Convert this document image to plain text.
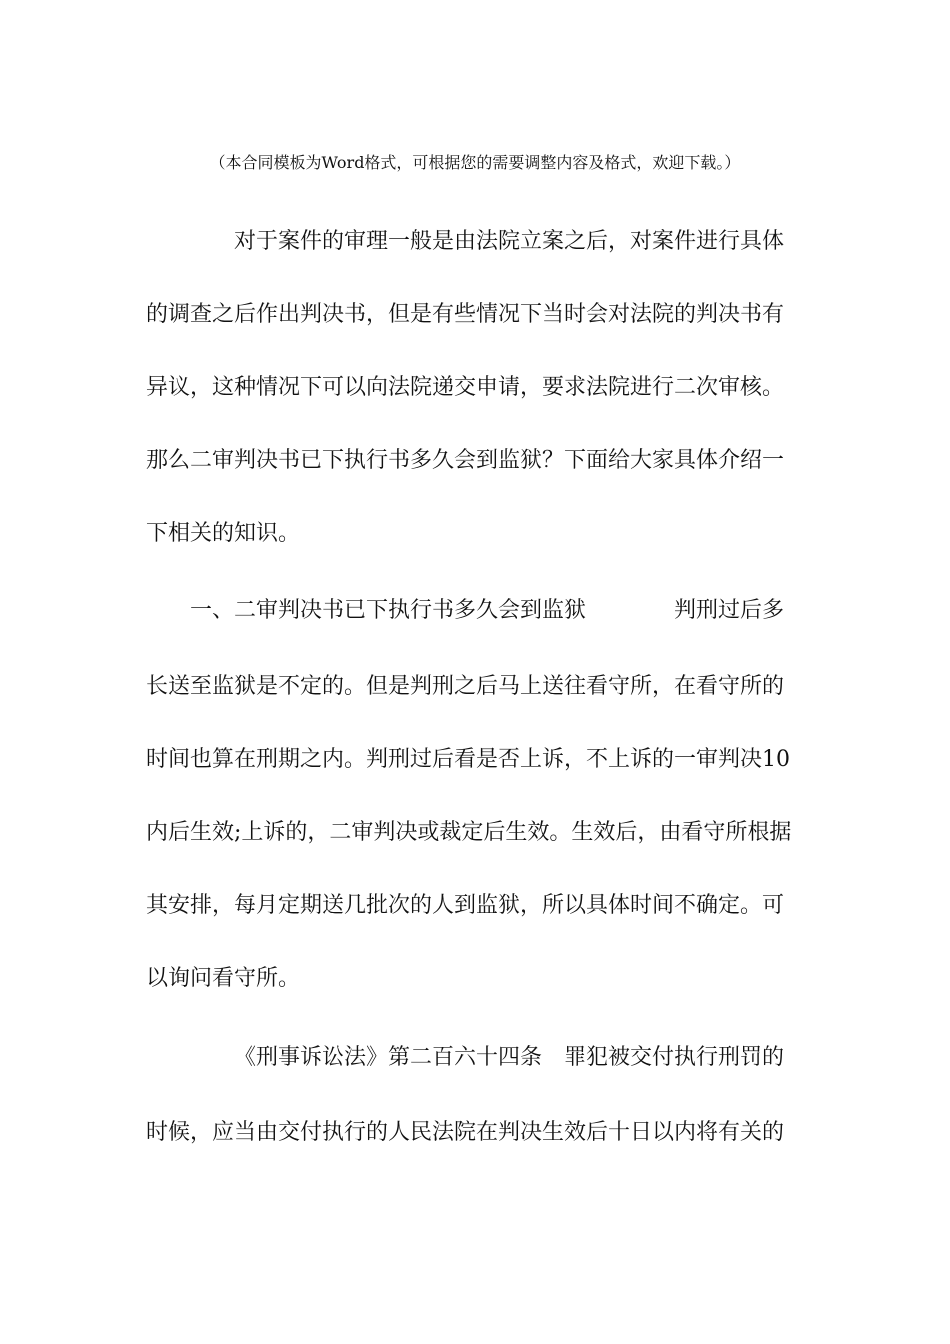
（本合同模板为Word格式，可根据您的需要调整内容及格式，欢迎下载。）
对于案件的审理一般是由法院立案之后，对案件进行具体
的调查之后作出判决书，但是有些情况下当时会对法院的判决书有
异议，这种情况下可以向法院递交申请，要求法院进行二次审核。
那么二审判决书已下执行书多久会到监狱？下面给大家具体介绍一
下相关的知识。
一、二审判决书已下执行书多久会到监狱	判刑过后多
长送至监狱是不定的。但是判刑之后马上送往看守所，在看守所的
时间也算在刑期之内。判刑过后看是否上诉，不上诉的一审判决10
内后生效;上诉的，二审判决或裁定后生效。生效后，由看守所根据
其安排，每月定期送几批次的人到监狱，所以具体时间不确定。可
以询问看守所。
《刑事诉讼法》第二百六十四条 罪犯被交付执行刑罚的
时候，应当由交付执行的人民法院在判决生效后十日以内将有关的
